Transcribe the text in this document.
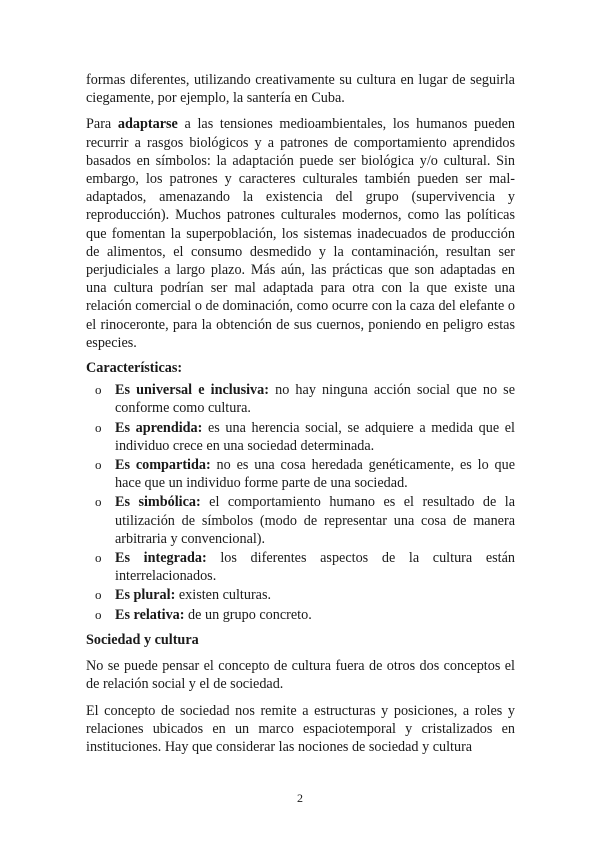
formas diferentes, utilizando creativamente su cultura en lugar de seguirla ciegamente, por ejemplo, la santería en Cuba.

Para adaptarse a las tensiones medioambientales, los humanos pueden recurrir a rasgos biológicos y a patrones de comportamiento aprendidos basados en símbolos: la adaptación puede ser biológica y/o cultural. Sin embargo, los patrones y caracteres culturales también pueden ser mal-adaptados, amenazando la existencia del grupo (supervivencia y reproducción). Muchos patrones culturales modernos, como las políticas que fomentan la superpoblación, los sistemas inadecuados de producción de alimentos, el consumo desmedido y la contaminación, resultan ser perjudiciales a largo plazo. Más aún, las prácticas que son adaptadas en una cultura podrían ser mal adaptada para otra con la que existe una relación comercial o de dominación, como ocurre con la caza del elefante o el rinoceronte, para la obtención de sus cuernos, poniendo en peligro estas especies.

Características:
o Es universal e inclusiva: no hay ninguna acción social que no se conforme como cultura.
o Es aprendida: es una herencia social, se adquiere a medida que el individuo crece en una sociedad determinada.
o Es compartida: no es una cosa heredada genéticamente, es lo que hace que un individuo forme parte de una sociedad.
o Es simbólica: el comportamiento humano es el resultado de la utilización de símbolos (modo de representar una cosa de manera arbitraria y convencional).
o Es integrada: los diferentes aspectos de la cultura están interrelacionados.
o Es plural: existen culturas.
o Es relativa: de un grupo concreto.
Sociedad y cultura

No se puede pensar el concepto de cultura fuera de otros dos conceptos el de relación social y el de sociedad.

El concepto de sociedad nos remite a estructuras y posiciones, a roles y relaciones ubicados en un marco espaciotemporal y cristalizados en instituciones. Hay que considerar las nociones de sociedad y cultura

2
